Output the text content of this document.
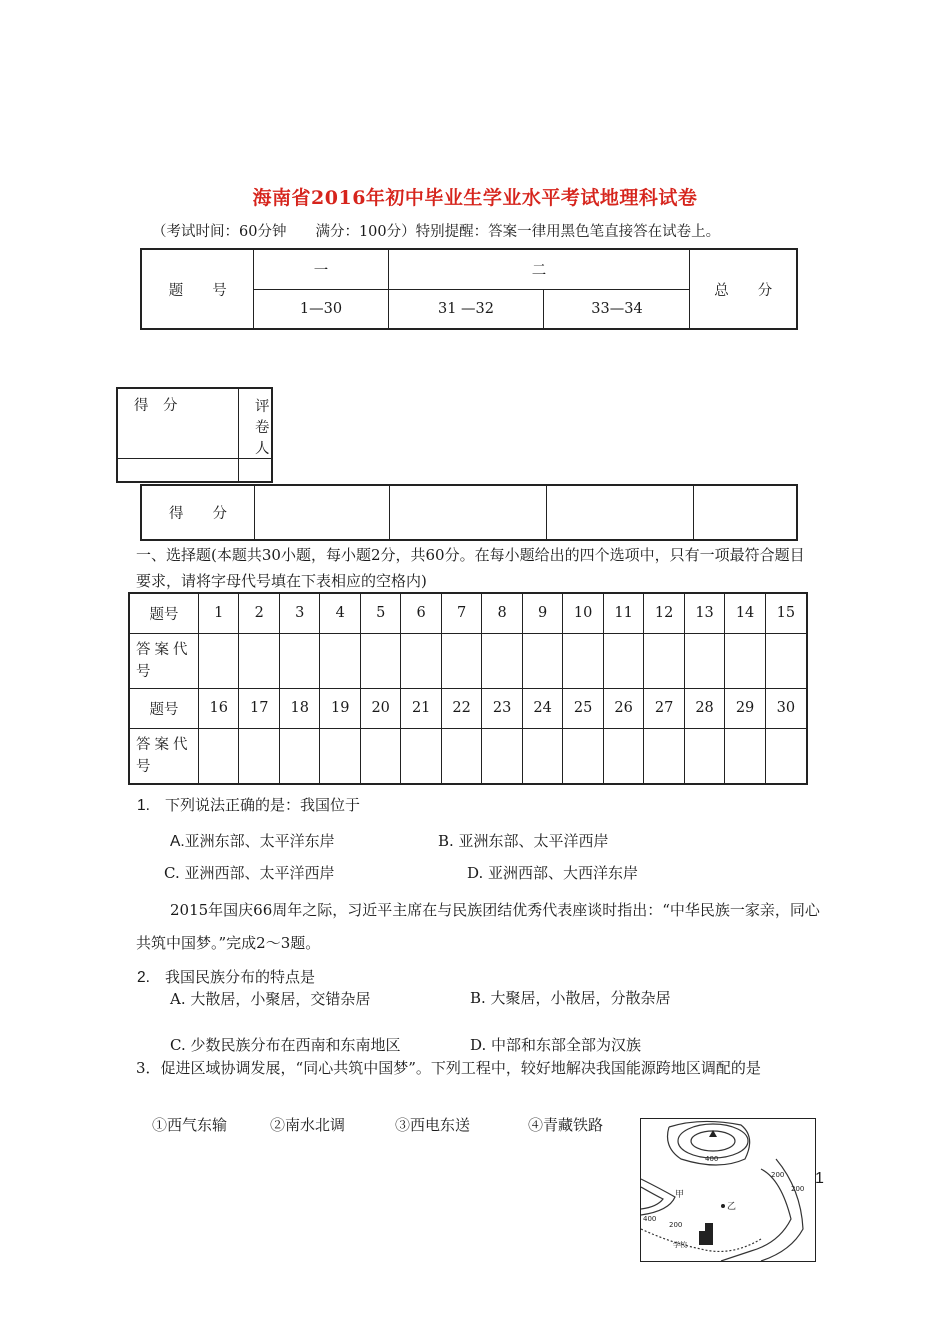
海南省2016年初中毕业生学业水平考试地理科试卷
（考试时间：60分钟　　满分：100分）特别提醒：答案一律用黑色笔直接答在试卷上。
题　　号	一	二		总　　分
	1—30	31 —32	33—34	
得　分	评卷人

得　　分				
一、选择题(本题共30小题，每小题2分，共60分。在每小题给出的四个选项中，只有一项最符合题目要求，请将字母代号填在下表相应的空格内)
题号	1	2	3	4	5	6	7	8	9	10	11	12	13	14	15
答案代号															
题号	16	17	18	19	20	21	22	23	24	25	26	27	28	29	30
答案代号															
1. 下列说法正确的是：我国位于
A.亚洲东部、太平洋东岸	B. 亚洲东部、太平洋西岸
C. 亚洲西部、太平洋西岸	D. 亚洲西部、大西洋东岸
2015年国庆66周年之际，习近平主席在与民族团结优秀代表座谈时指出：“中华民族一家亲，同心共筑中国梦。”完成2～3题。
2. 我国民族分布的特点是
A. 大散居，小聚居，交错杂居	B. 大聚居，小散居，分散杂居
C. 少数民族分布在西南和东南地区	D. 中部和东部全部为汉族
3．促进区域协调发展，“同心共筑中国梦”。下列工程中，较好地解决我国能源跨地区调配的是
①西气东输	②南水北调	③西电东送	④青藏铁路
400
200
400
200
甲
乙
200
学校
1
